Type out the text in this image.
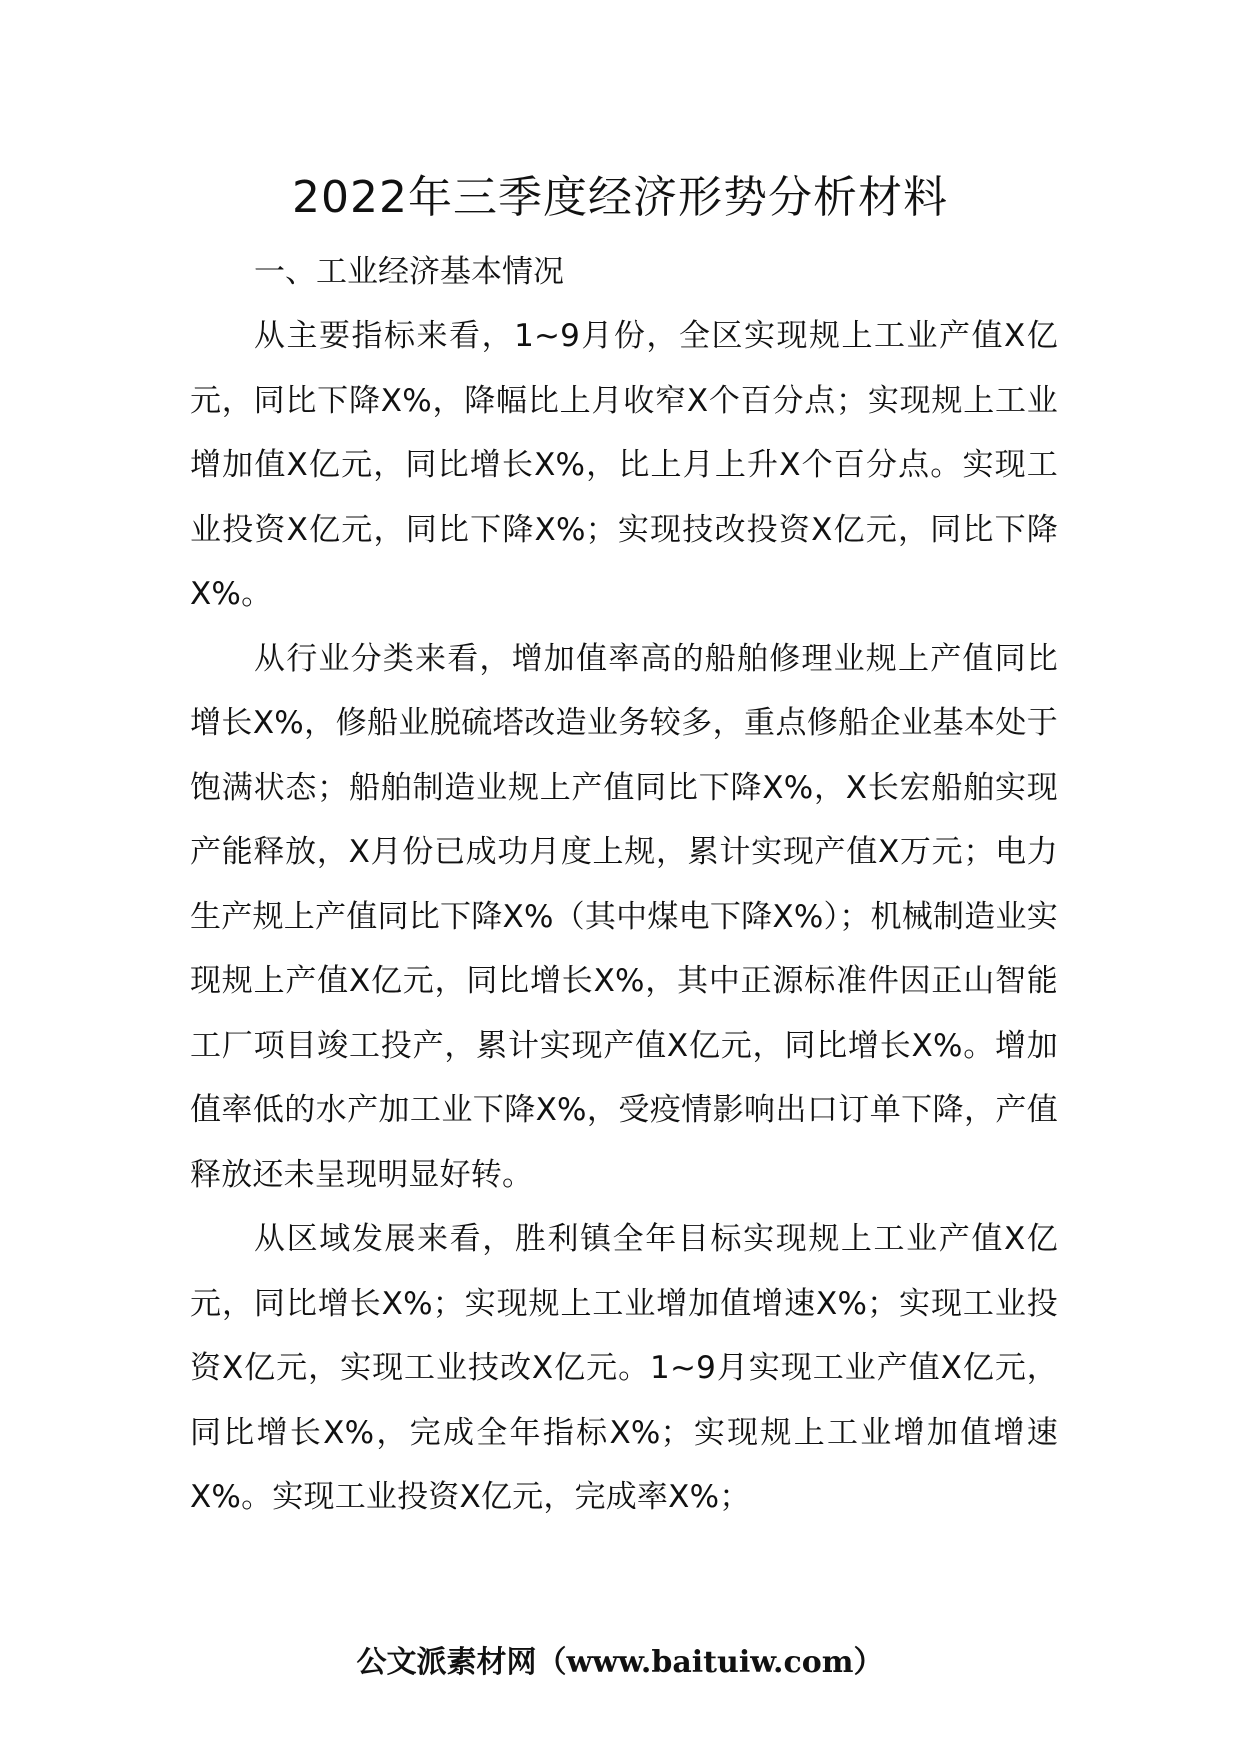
2022年三季度经济形势分析材料

一、工业经济基本情况

从主要指标来看，1~9月份，全区实现规上工业产值X亿元，同比下降X%，降幅比上月收窄X个百分点；实现规上工业增加值X亿元，同比增长X%，比上月上升X个百分点。实现工业投资X亿元，同比下降X%；实现技改投资X亿元，同比下降X%。

从行业分类来看，增加值率高的船舶修理业规上产值同比增长X%，修船业脱硫塔改造业务较多，重点修船企业基本处于饱满状态；船舶制造业规上产值同比下降X%，X长宏船舶实现产能释放，X月份已成功月度上规，累计实现产值X万元；电力生产规上产值同比下降X%（其中煤电下降X%）；机械制造业实现规上产值X亿元，同比增长X%，其中正源标准件因正山智能工厂项目竣工投产，累计实现产值X亿元，同比增长X%。增加值率低的水产加工业下降X%，受疫情影响出口订单下降，产值释放还未呈现明显好转。

从区域发展来看，胜利镇全年目标实现规上工业产值X亿元，同比增长X%；实现规上工业增加值增速X%；实现工业投资X亿元，实现工业技改X亿元。1~9月实现工业产值X亿元，同比增长X%，完成全年指标X%；实现规上工业增加值增速X%。实现工业投资X亿元，完成率X%；

公文派素材网（www.baituiw.com）
